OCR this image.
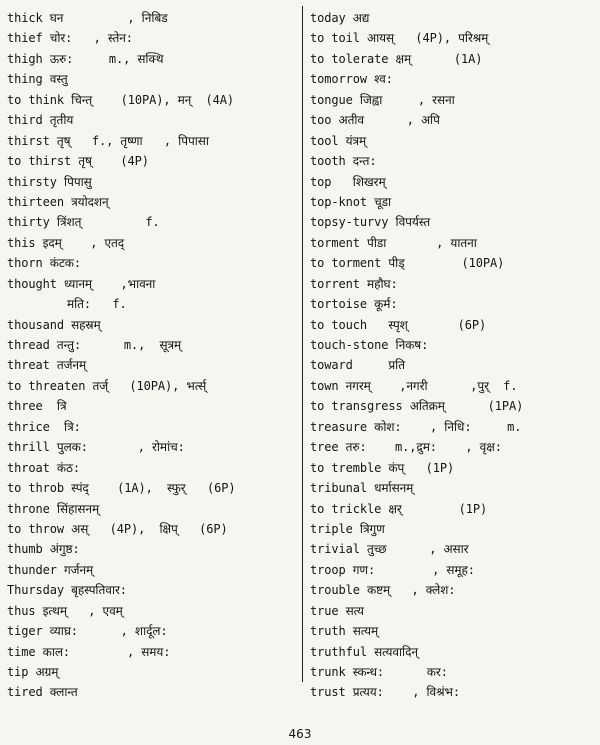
thick घन         , निबिड
thief चोर:   , स्तेन:
thigh ऊरु:     m., सक्थि
thing वस्तु
to think चिन्त्    (10PA), मन्  (4A)
third तृतीय
thirst तृष्   f., तृष्णा   , पिपासा
to thirst तृष्    (4P)
thirsty पिपासु
thirteen त्रयोदशन्
thirty त्रिंशत्         f.
this इदम्    , एतद्
thorn कंटक:
thought ध्यानम्    ,भावना
मति:   f.
thousand सहस्रम्
thread तन्तु:      m.,  सूत्रम्
threat तर्जनम्
to threaten तर्ज्   (10PA), भर्त्स्
three  त्रि
thrice  त्रि:
thrill पुलक:       , रोमांच:
throat कंठ:
to throb स्पंद्    (1A),  स्फुर्   (6P)
throne सिंहासनम्
to throw अस्   (4P),  क्षिप्   (6P)
thumb अंगुष्ठ:
thunder गर्जनम्
Thursday बृहस्पतिवार:
thus इत्थम्   , एवम्
tiger व्याघ्र:      , शार्दूल:
time काल:        , समय:
tip अग्रम्
tired क्लान्त
today अद्य
to toil आयस्   (4P), परिश्रम्
to tolerate क्षम्      (1A)
tomorrow श्व:
tongue जिह्वा     , रसना
too अतीव      , अपि
tool यंत्रम्
tooth दन्त:
top   शिखरम्
top-knot चूडा
topsy-turvy विपर्यस्त
torment पीडा       , यातना
to torment पीड्        (10PA)
torrent महौघ:
tortoise कूर्म:
to touch   स्पृश्       (6P)
touch-stone निकष:
toward     प्रति
town नगरम्    ,नगरी      ,पुर्  f.
to transgress अतिक्रम्      (1PA)
treasure कोश:    , निधि:     m.
tree तरु:    m.,द्रुम:    , वृक्ष:
to tremble कंप्   (1P)
tribunal धर्मासनम्
to trickle क्षर्        (1P)
triple त्रिगुण
trivial तुच्छ      , असार
troop गण:        , समूह:
trouble कष्टम्   , क्लेश:
true सत्य
truth सत्यम्
truthful सत्यवादिन्
trunk स्कन्ध:      कर:
trust प्रत्यय:    , विश्रंभ:
463
